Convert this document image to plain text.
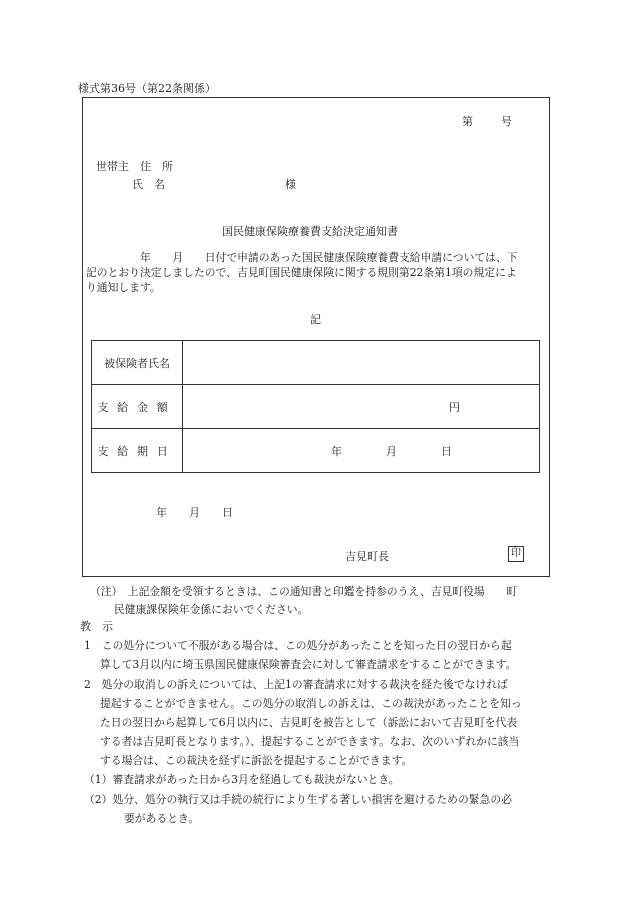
様式第36号（第22条関係）
第	号
世帯主　住　所
氏　名	様
国民健康保険療養費支給決定通知書
　　　　　年　　月　　日付で申請のあった国民健康保険療養費支給申請については、下
記のとおり決定しましたので、吉見町国民健康保険に関する規則第22条第1項の規定によ
り通知します。
記
被保険者氏名	
支給金額	円

支給期日	年　　　　月　　　　日
年　　月　　日
吉見町長	印
（注）　上記金額を受領するときは、この通知書と印鑑を持参のうえ、吉見町役場　　町
民健康課保険年金係においでください。
教　示
1　この処分について不服がある場合は、この処分があったことを知った日の翌日から起
算して3月以内に埼玉県国民健康保険審査会に対して審査請求をすることができます。
2　処分の取消しの訴えについては、上記1の審査請求に対する裁決を経た後でなければ
提起することができません。この処分の取消しの訴えは、この裁決があったことを知っ
た日の翌日から起算して6月以内に、吉見町を被告として（訴訟において吉見町を代表
する者は吉見町長となります。）、提起することができます。なお、次のいずれかに該当
する場合は、この裁決を経ずに訴訟を提起することができます。
（1）審査請求があった日から3月を経過しても裁決がないとき。
（2）処分、処分の執行又は手続の続行により生ずる著しい損害を避けるための緊急の必
要があるとき。
